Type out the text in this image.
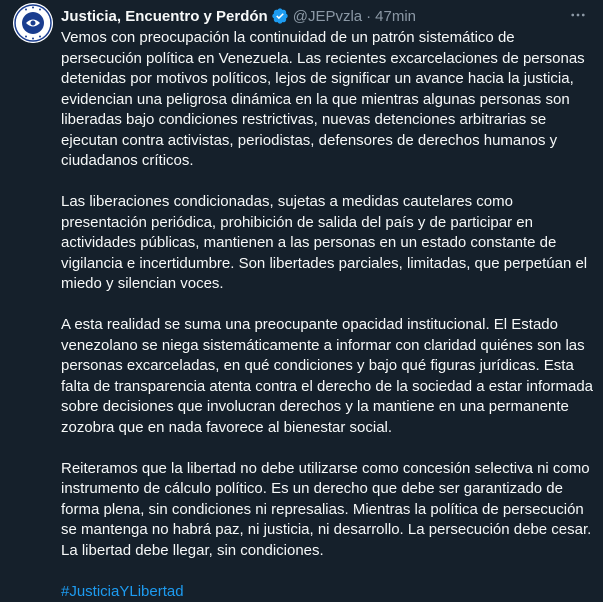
Justicia, Encuentro y Perdón @JEPvzla · 47min

Vemos con preocupación la continuidad de un patrón sistemático de persecución política en Venezuela. Las recientes excarcelaciones de personas detenidas por motivos políticos, lejos de significar un avance hacia la justicia, evidencian una peligrosa dinámica en la que mientras algunas personas son liberadas bajo condiciones restrictivas, nuevas detenciones arbitrarias se ejecutan contra activistas, periodistas, defensores de derechos humanos y ciudadanos críticos.

Las liberaciones condicionadas, sujetas a medidas cautelares como presentación periódica, prohibición de salida del país y de participar en actividades públicas, mantienen a las personas en un estado constante de vigilancia e incertidumbre. Son libertades parciales, limitadas, que perpetúan el miedo y silencian voces.

A esta realidad se suma una preocupante opacidad institucional. El Estado venezolano se niega sistemáticamente a informar con claridad quiénes son las personas excarceladas, en qué condiciones y bajo qué figuras jurídicas. Esta falta de transparencia atenta contra el derecho de la sociedad a estar informada sobre decisiones que involucran derechos y la mantiene en una permanente zozobra que en nada favorece al bienestar social.

Reiteramos que la libertad no debe utilizarse como concesión selectiva ni como instrumento de cálculo político. Es un derecho que debe ser garantizado de forma plena, sin condiciones ni represalias. Mientras la política de persecución se mantenga no habrá paz, ni justicia, ni desarrollo. La persecución debe cesar. La libertad debe llegar, sin condiciones.

#JusticiaYLibertad
